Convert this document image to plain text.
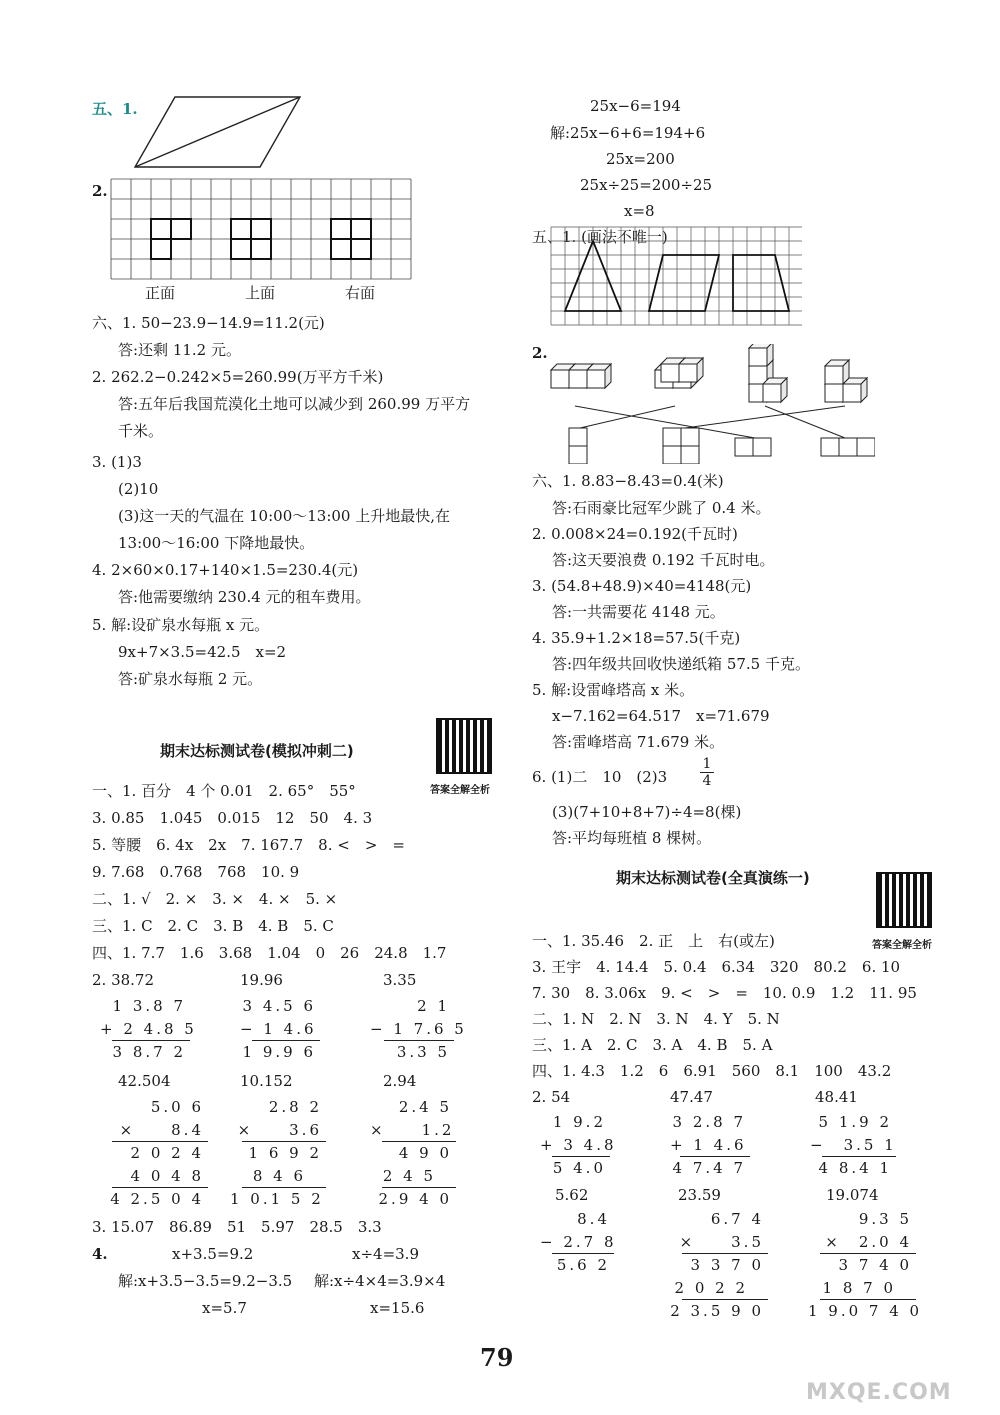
五、1.
2.
正面	上面	右面
六、1. 50−23.9−14.9=11.2(元)
答:还剩 11.2 元。
2. 262.2−0.242×5=260.99(万平方千米)
答:五年后我国荒漠化土地可以减少到 260.99 万平方
千米。
3. (1)3
(2)10
(3)这一天的气温在 10:00～13:00 上升地最快,在
13:00～16:00 下降地最快。
4. 2×60×0.17+140×1.5=230.4(元)
答:他需要缴纳 230.4 元的租车费用。
5. 解:设矿泉水每瓶 x 元。
9x+7×3.5=42.5　x=2
答:矿泉水每瓶 2 元。
期末达标测试卷(模拟冲刺二)
答案全解全析
一、1. 百分　4 个 0.01　2. 65°　55°
3. 0.85　1.045　0.015　12　50　4. 3
5. 等腰　6. 4x　2x　7. 167.7　8. <　>　=
9. 7.68　0.768　768　10. 9
二、1. √　2. ×　3. ×　4. ×　5. ×
三、1. C　2. C　3. B　4. B　5. C
四、1. 7.7　1.6　3.68　1.04　0　26　24.8　1.7
2. 38.72	19.96	3.35
1 3.8 7
+ 2 4.8 5
3 8.7 2
3 4.5 6
− 1 4.6
1 9.9 6
2 1
− 1 7.6 5
3.3 5
42.504	10.152	2.94
5.0 6
×　　8.4
2 0 2 4
4 0 4 8
4 2.5 0 4
2.8 2
×　　3.6
1 6 9 2
8 4 6
1 0.1 5 2
2.4 5
×　　1.2
4 9 0
2 4 5
2.9 4 0
3. 15.07　86.89　51　5.97　28.5　3.3
4.	x+3.5=9.2	x÷4=3.9
解:x+3.5−3.5=9.2−3.5 解:x÷4×4=3.9×4
x=5.7	x=15.6
25x−6=194
解:25x−6+6=194+6
25x=200
25x÷25=200÷25
x=8
五、1. (画法不唯一)
2.
六、1. 8.83−8.43=0.4(米)
答:石雨豪比冠军少跳了 0.4 米。
2. 0.008×24=0.192(千瓦时)
答:这天要浪费 0.192 千瓦时电。
3. (54.8+48.9)×40=4148(元)
答:一共需要花 4148 元。
4. 35.9+1.2×18=57.5(千克)
答:四年级共回收快递纸箱 57.5 千克。
5. 解:设雷峰塔高 x 米。
x−7.162=64.517　x=71.679
答:雷峰塔高 71.679 米。
6. (1)二　10　(2)3
(3)(7+10+8+7)÷4=8(棵)
答:平均每班植 8 棵树。
1
4
期末达标测试卷(全真演练一)
答案全解全析
一、1. 35.46　2. 正　上　右(或左)
3. 王宇　4. 14.4　5. 0.4　6.34　320　80.2　6. 10
7. 30　8. 3.06x　9. <　>　=　10. 0.9　1.2　11. 95
二、1. N　2. N　3. N　4. Y　5. N
三、1. A　2. C　3. A　4. B　5. A
四、1. 4.3　1.2　6　6.91　560　8.1　100　43.2
2. 54	47.47	48.41
1 9.2
+ 3 4.8
5 4.0
3 2.8 7
+ 1 4.6
4 7.4 7
5 1.9 2
−　3.5 1
4 8.4 1
5.62	23.59	19.074
8.4
− 2.7 8
5.6 2
6.7 4
×　　3.5
3 3 7 0
2 0 2 2
2 3.5 9 0
9.3 5
×　2.0 4
3 7 4 0
1 8 7 0
1 9.0 7 4 0
79
MXQE.COM
